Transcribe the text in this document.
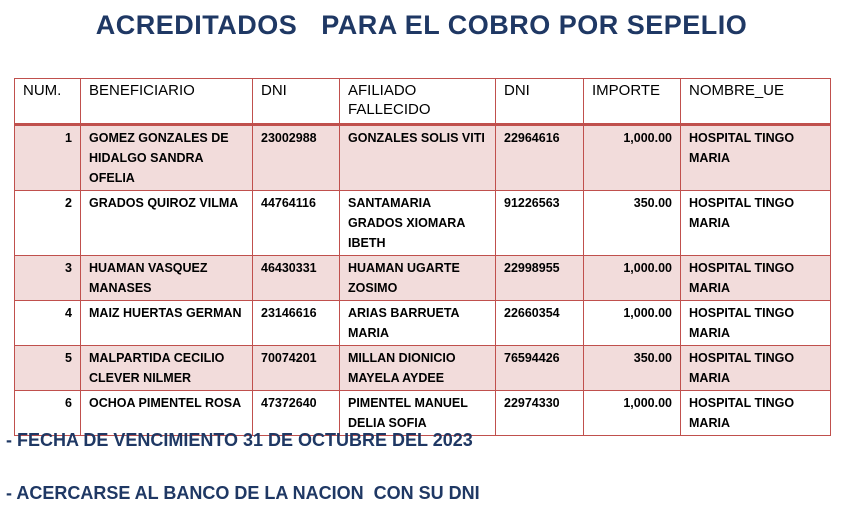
ACREDITADOS   PARA EL COBRO POR SEPELIO
NUM.	BENEFICIARIO	DNI	AFILIADO FALLECIDO	DNI	IMPORTE	NOMBRE_UE
1	GOMEZ GONZALES DE HIDALGO SANDRA OFELIA	23002988	GONZALES SOLIS VITI	22964616	1,000.00	HOSPITAL TINGO MARIA
2	GRADOS QUIROZ VILMA	44764116	SANTAMARIA GRADOS XIOMARA IBETH	91226563	350.00	HOSPITAL TINGO MARIA
3	HUAMAN VASQUEZ MANASES	46430331	HUAMAN UGARTE ZOSIMO	22998955	1,000.00	HOSPITAL TINGO MARIA
4	MAIZ HUERTAS GERMAN	23146616	ARIAS BARRUETA MARIA	22660354	1,000.00	HOSPITAL TINGO MARIA
5	MALPARTIDA CECILIO CLEVER NILMER	70074201	MILLAN DIONICIO MAYELA AYDEE	76594426	350.00	HOSPITAL TINGO MARIA
6	OCHOA PIMENTEL ROSA	47372640	PIMENTEL MANUEL DELIA SOFIA	22974330	1,000.00	HOSPITAL TINGO MARIA
- FECHA DE VENCIMIENTO 31 DE OCTUBRE DEL 2023
- ACERCARSE AL BANCO DE LA NACION  CON SU DNI
